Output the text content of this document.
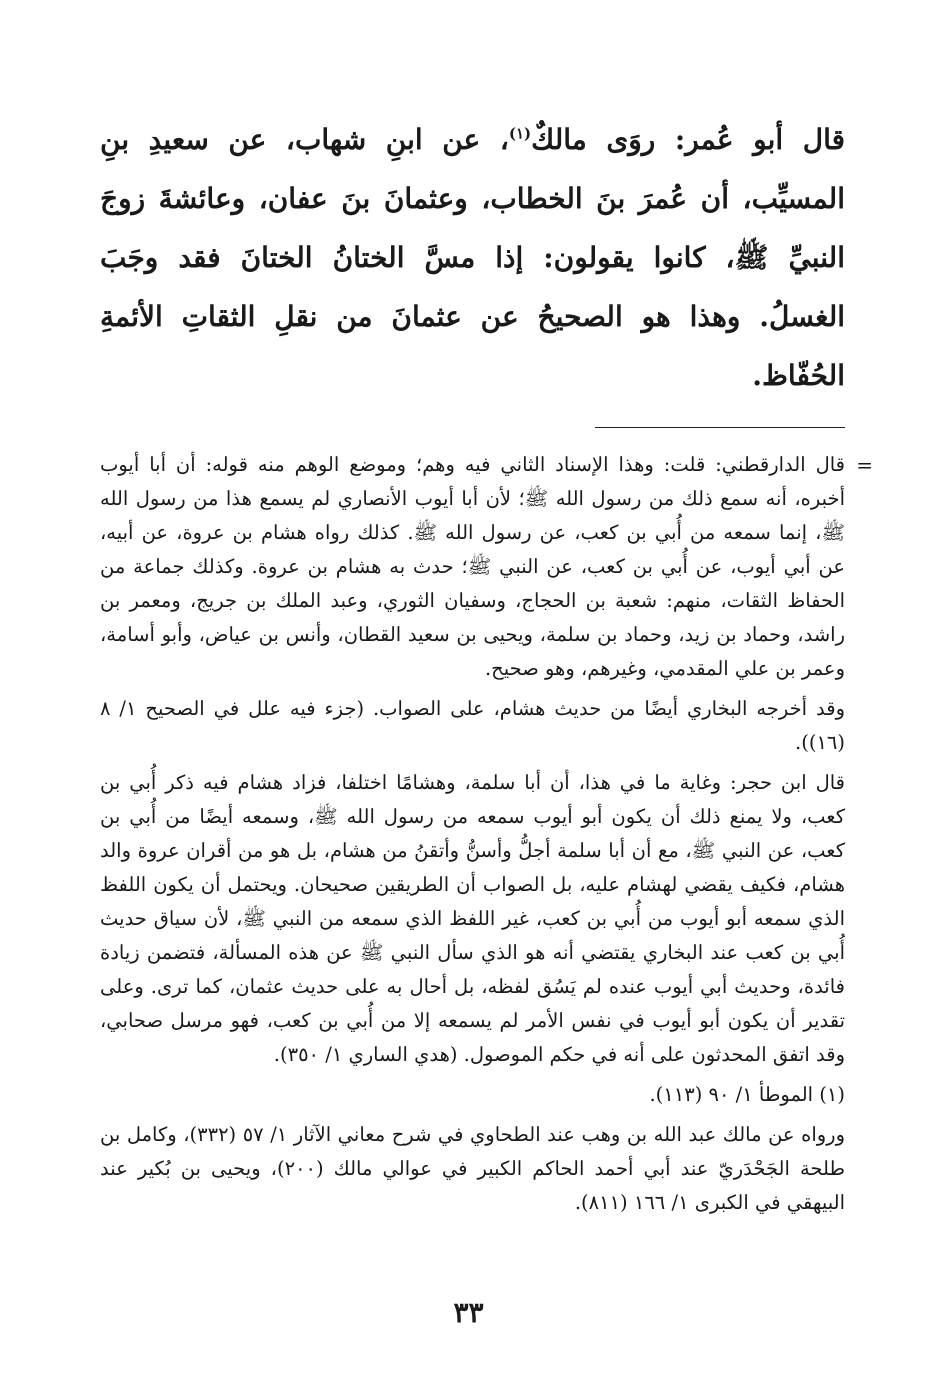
قال أبو عُمر: روَى مالكٌ$^{(١)}$، عن ابنِ شهاب، عن سعيدِ بنِ المسيِّب، أن عُمرَ بنَ الخطاب، وعثمانَ بنَ عفان، وعائشةَ زوجَ النبيِّ ﷺ، كانوا يقولون: إذا مسَّ الختانُ الختانَ فقد وجَبَ الغسلُ. وهذا هو الصحيحُ عن عثمانَ من نقلِ الثقاتِ الأئمةِ الحُفّاظ.

=
قال الدارقطني: قلت: وهذا الإسناد الثاني فيه وهم؛ وموضع الوهم منه قوله: أن أبا أيوب أخبره، أنه سمع ذلك من رسول الله ﷺ؛ لأن أبا أيوب الأنصاري لم يسمع هذا من رسول الله ﷺ، إنما سمعه من أُبي بن كعب، عن رسول الله ﷺ. كذلك رواه هشام بن عروة، عن أبيه، عن أبي أيوب، عن أُبي بن كعب، عن النبي ﷺ؛ حدث به هشام بن عروة. وكذلك جماعة من الحفاظ الثقات، منهم: شعبة بن الحجاج، وسفيان الثوري، وعبد الملك بن جريج، ومعمر بن راشد، وحماد بن زيد، وحماد بن سلمة، ويحيى بن سعيد القطان، وأنس بن عياض، وأبو أسامة، وعمر بن علي المقدمي، وغيرهم، وهو صحيح.

وقد أخرجه البخاري أيضًا من حديث هشام، على الصواب. (جزء فيه علل في الصحيح ١/ ٨ (١٦)).

قال ابن حجر: وغاية ما في هذا، أن أبا سلمة، وهشامًا اختلفا، فزاد هشام فيه ذكر أُبي بن كعب، ولا يمنع ذلك أن يكون أبو أيوب سمعه من رسول الله ﷺ، وسمعه أيضًا من أُبي بن كعب، عن النبي ﷺ، مع أن أبا سلمة أجلُّ وأسنُّ وأتقنُ من هشام، بل هو من أقران عروة والد هشام، فكيف يقضي لهشام عليه، بل الصواب أن الطريقين صحيحان. ويحتمل أن يكون اللفظ الذي سمعه أبو أيوب من أُبي بن كعب، غير اللفظ الذي سمعه من النبي ﷺ، لأن سياق حديث أُبي بن كعب عند البخاري يقتضي أنه هو الذي سأل النبي ﷺ عن هذه المسألة، فتضمن زيادة فائدة، وحديث أبي أيوب عنده لم يَسُق لفظه، بل أحال به على حديث عثمان، كما ترى. وعلى تقدير أن يكون أبو أيوب في نفس الأمر لم يسمعه إلا من أُبي بن كعب، فهو مرسل صحابي، وقد اتفق المحدثون على أنه في حكم الموصول. (هدي الساري ١/ ٣٥٠).

(١) الموطأ ١/ ٩٠ (١١٣).

ورواه عن مالك عبد الله بن وهب عند الطحاوي في شرح معاني الآثار ١/ ٥٧ (٣٣٢)، وكامل بن طلحة الجَحْدَريّ عند أبي أحمد الحاكم الكبير في عوالي مالك (٢٠٠)، ويحيى بن بُكير عند البيهقي في الكبرى ١/ ١٦٦ (٨١١).

٣٣
